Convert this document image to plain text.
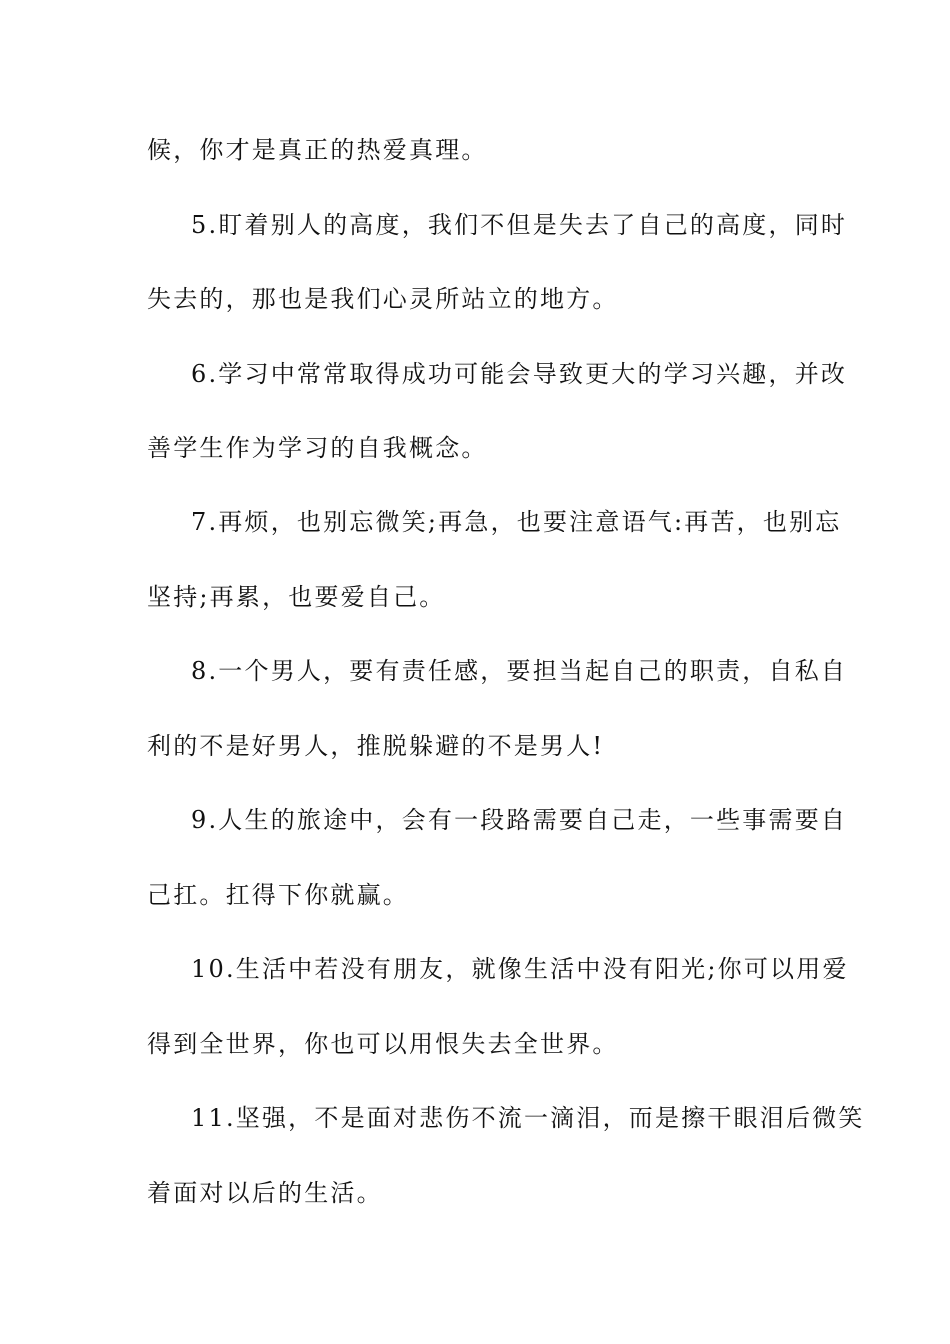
候，你才是真正的热爱真理。
5.盯着别人的高度，我们不但是失去了自己的高度，同时
失去的，那也是我们心灵所站立的地方。
6.学习中常常取得成功可能会导致更大的学习兴趣，并改
善学生作为学习的自我概念。
7.再烦，也别忘微笑;再急，也要注意语气:再苦，也别忘
坚持;再累，也要爱自己。
8.一个男人，要有责任感，要担当起自己的职责，自私自
利的不是好男人，推脱躲避的不是男人!
9.人生的旅途中，会有一段路需要自己走，一些事需要自
己扛。扛得下你就赢。
10.生活中若没有朋友，就像生活中没有阳光;你可以用爱
得到全世界，你也可以用恨失去全世界。
11.坚强，不是面对悲伤不流一滴泪，而是擦干眼泪后微笑
着面对以后的生活。
